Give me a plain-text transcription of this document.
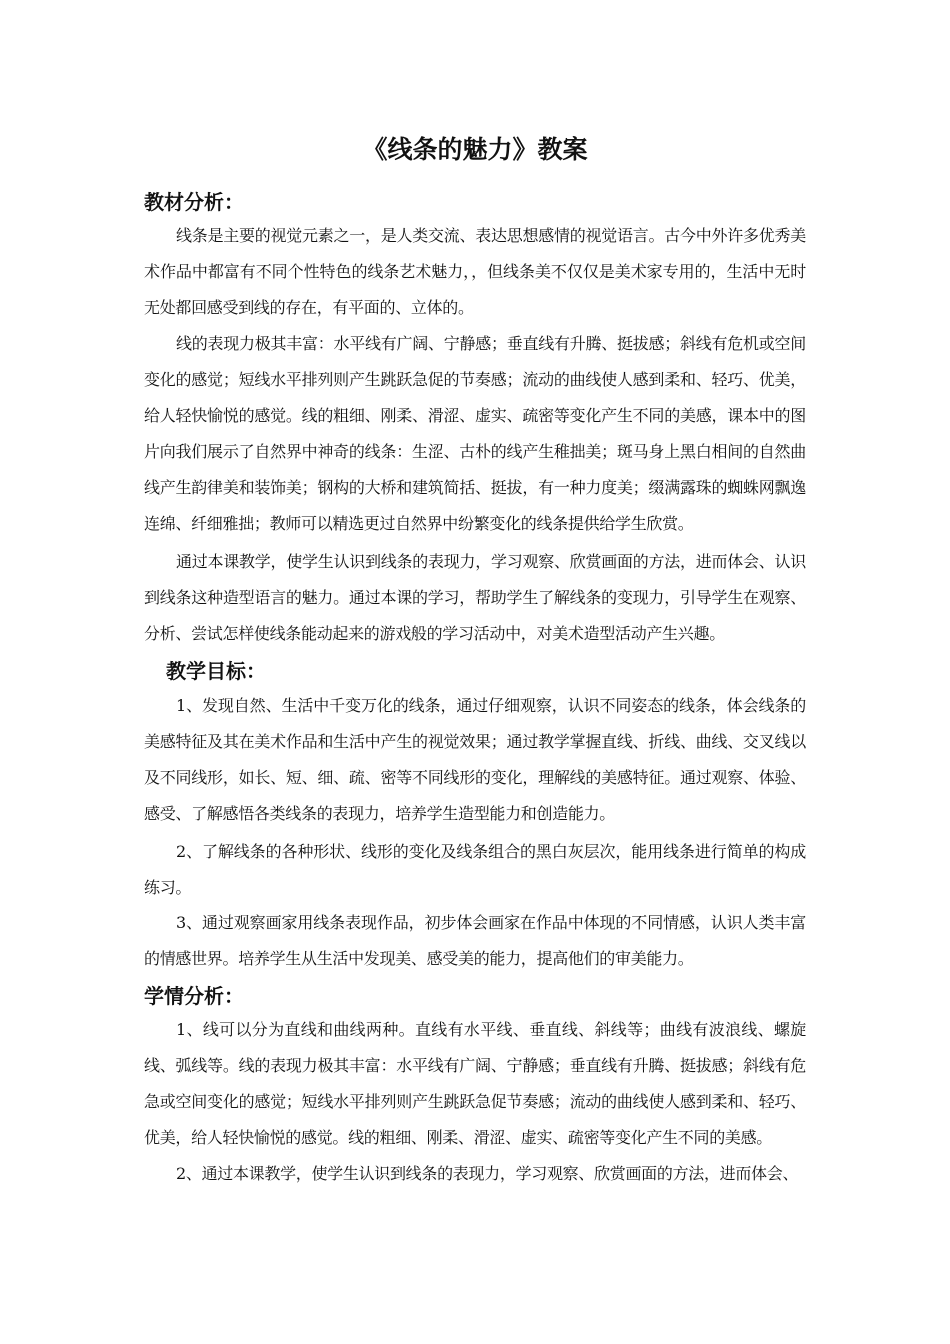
《线条的魅力》教案
教材分析：

线条是主要的视觉元素之一，是人类交流、表达思想感情的视觉语言。古今中外许多优秀美术作品中都富有不同个性特色的线条艺术魅力，，但线条美不仅仅是美术家专用的，生活中无时无处都回感受到线的存在，有平面的、立体的。

线的表现力极其丰富：水平线有广阔、宁静感；垂直线有升腾、挺拔感；斜线有危机或空间变化的感觉；短线水平排列则产生跳跃急促的节奏感；流动的曲线使人感到柔和、轻巧、优美，给人轻快愉悦的感觉。线的粗细、刚柔、滑涩、虚实、疏密等变化产生不同的美感，课本中的图片向我们展示了自然界中神奇的线条：生涩、古朴的线产生稚拙美；斑马身上黑白相间的自然曲线产生韵律美和装饰美；钢构的大桥和建筑简括、挺拔，有一种力度美；缀满露珠的蜘蛛网飘逸连绵、纤细雅拙；教师可以精选更过自然界中纷繁变化的线条提供给学生欣赏。

通过本课教学，使学生认识到线条的表现力，学习观察、欣赏画面的方法，进而体会、认识到线条这种造型语言的魅力。通过本课的学习，帮助学生了解线条的变现力，引导学生在观察、分析、尝试怎样使线条能动起来的游戏般的学习活动中，对美术造型活动产生兴趣。

教学目标：

1、发现自然、生活中千变万化的线条，通过仔细观察，认识不同姿态的线条，体会线条的美感特征及其在美术作品和生活中产生的视觉效果；通过教学掌握直线、折线、曲线、交叉线以及不同线形，如长、短、细、疏、密等不同线形的变化，理解线的美感特征。通过观察、体验、感受、了解感悟各类线条的表现力，培养学生造型能力和创造能力。

2、了解线条的各种形状、线形的变化及线条组合的黑白灰层次，能用线条进行简单的构成练习。

3、通过观察画家用线条表现作品，初步体会画家在作品中体现的不同情感，认识人类丰富的情感世界。培养学生从生活中发现美、感受美的能力，提高他们的审美能力。

学情分析：

1、线可以分为直线和曲线两种。直线有水平线、垂直线、斜线等；曲线有波浪线、螺旋线、弧线等。线的表现力极其丰富：水平线有广阔、宁静感；垂直线有升腾、挺拔感；斜线有危急或空间变化的感觉；短线水平排列则产生跳跃急促节奏感；流动的曲线使人感到柔和、轻巧、优美，给人轻快愉悦的感觉。线的粗细、刚柔、滑涩、虚实、疏密等变化产生不同的美感。

2、通过本课教学，使学生认识到线条的表现力，学习观察、欣赏画面的方法，进而体会、
